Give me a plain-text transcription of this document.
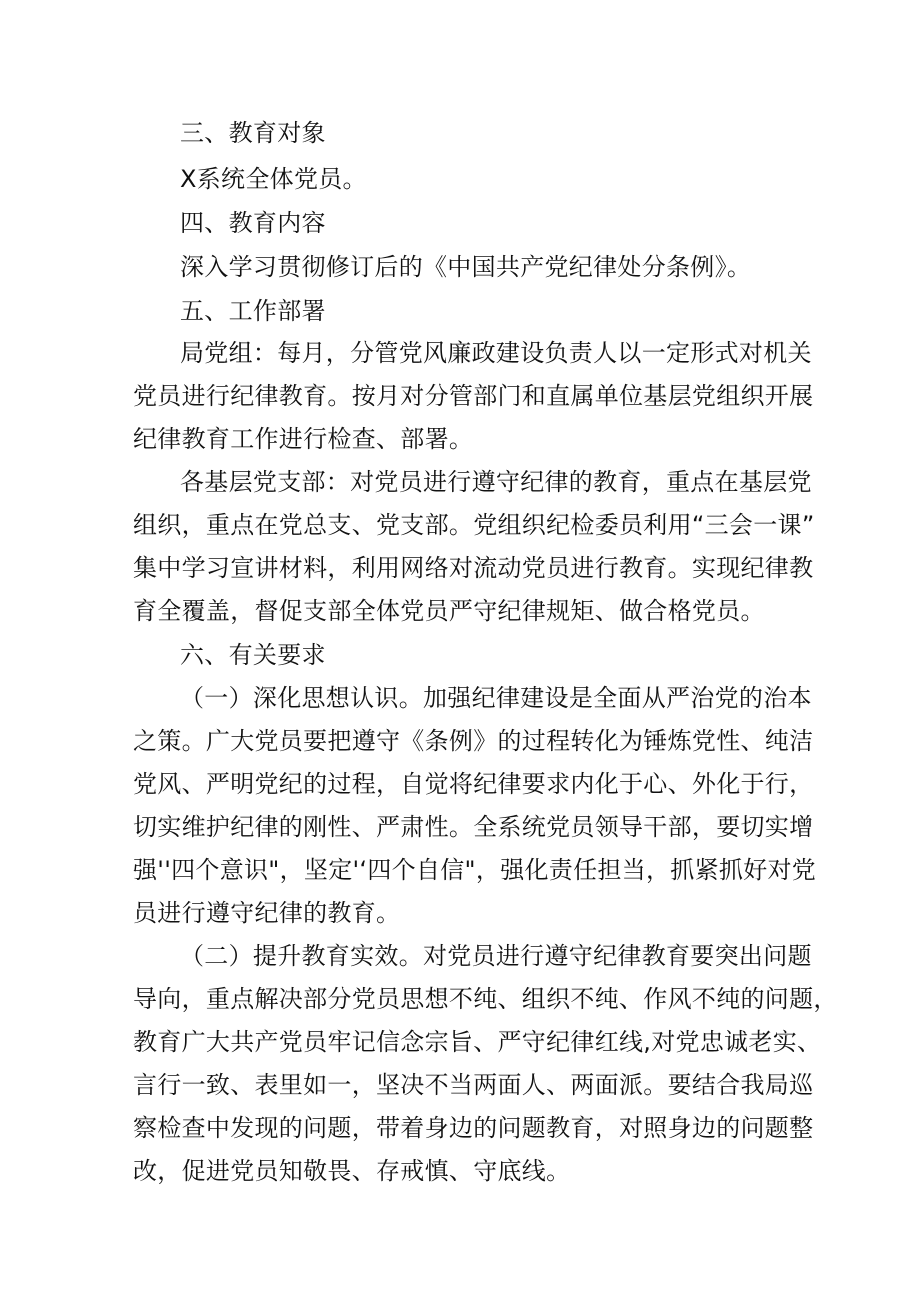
三、教育对象
X系统全体党员。
四、教育内容
深入学习贯彻修订后的《中国共产党纪律处分条例》。
五、工作部署
局党组：每月，分管党风廉政建设负责人以一定形式对机关
党员进行纪律教育。按月对分管部门和直属单位基层党组织开展
纪律教育工作进行检查、部署。
各基层党支部：对党员进行遵守纪律的教育，重点在基层党
组织，重点在党总支、党支部。党组织纪检委员利用“三会一课”
集中学习宣讲材料，利用网络对流动党员进行教育。实现纪律教
育全覆盖，督促支部全体党员严守纪律规矩、做合格党员。
六、有关要求
（一）深化思想认识。加强纪律建设是全面从严治党的治本
之策。广大党员要把遵守《条例》的过程转化为锤炼党性、纯洁
党风、严明党纪的过程，自觉将纪律要求内化于心、外化于行，
切实维护纪律的刚性、严肃性。全系统党员领导干部，要切实增
强''四个意识"，坚定'‘四个自信"，强化责任担当，抓紧抓好对党
员进行遵守纪律的教育。
（二）提升教育实效。对党员进行遵守纪律教育要突出问题
导向，重点解决部分党员思想不纯、组织不纯、作风不纯的问题，
教育广大共产党员牢记信念宗旨、严守纪律红线,对党忠诚老实、
言行一致、表里如一，坚决不当两面人、两面派。要结合我局巡
察检查中发现的问题，带着身边的问题教育，对照身边的问题整
改，促进党员知敬畏、存戒慎、守底线。
